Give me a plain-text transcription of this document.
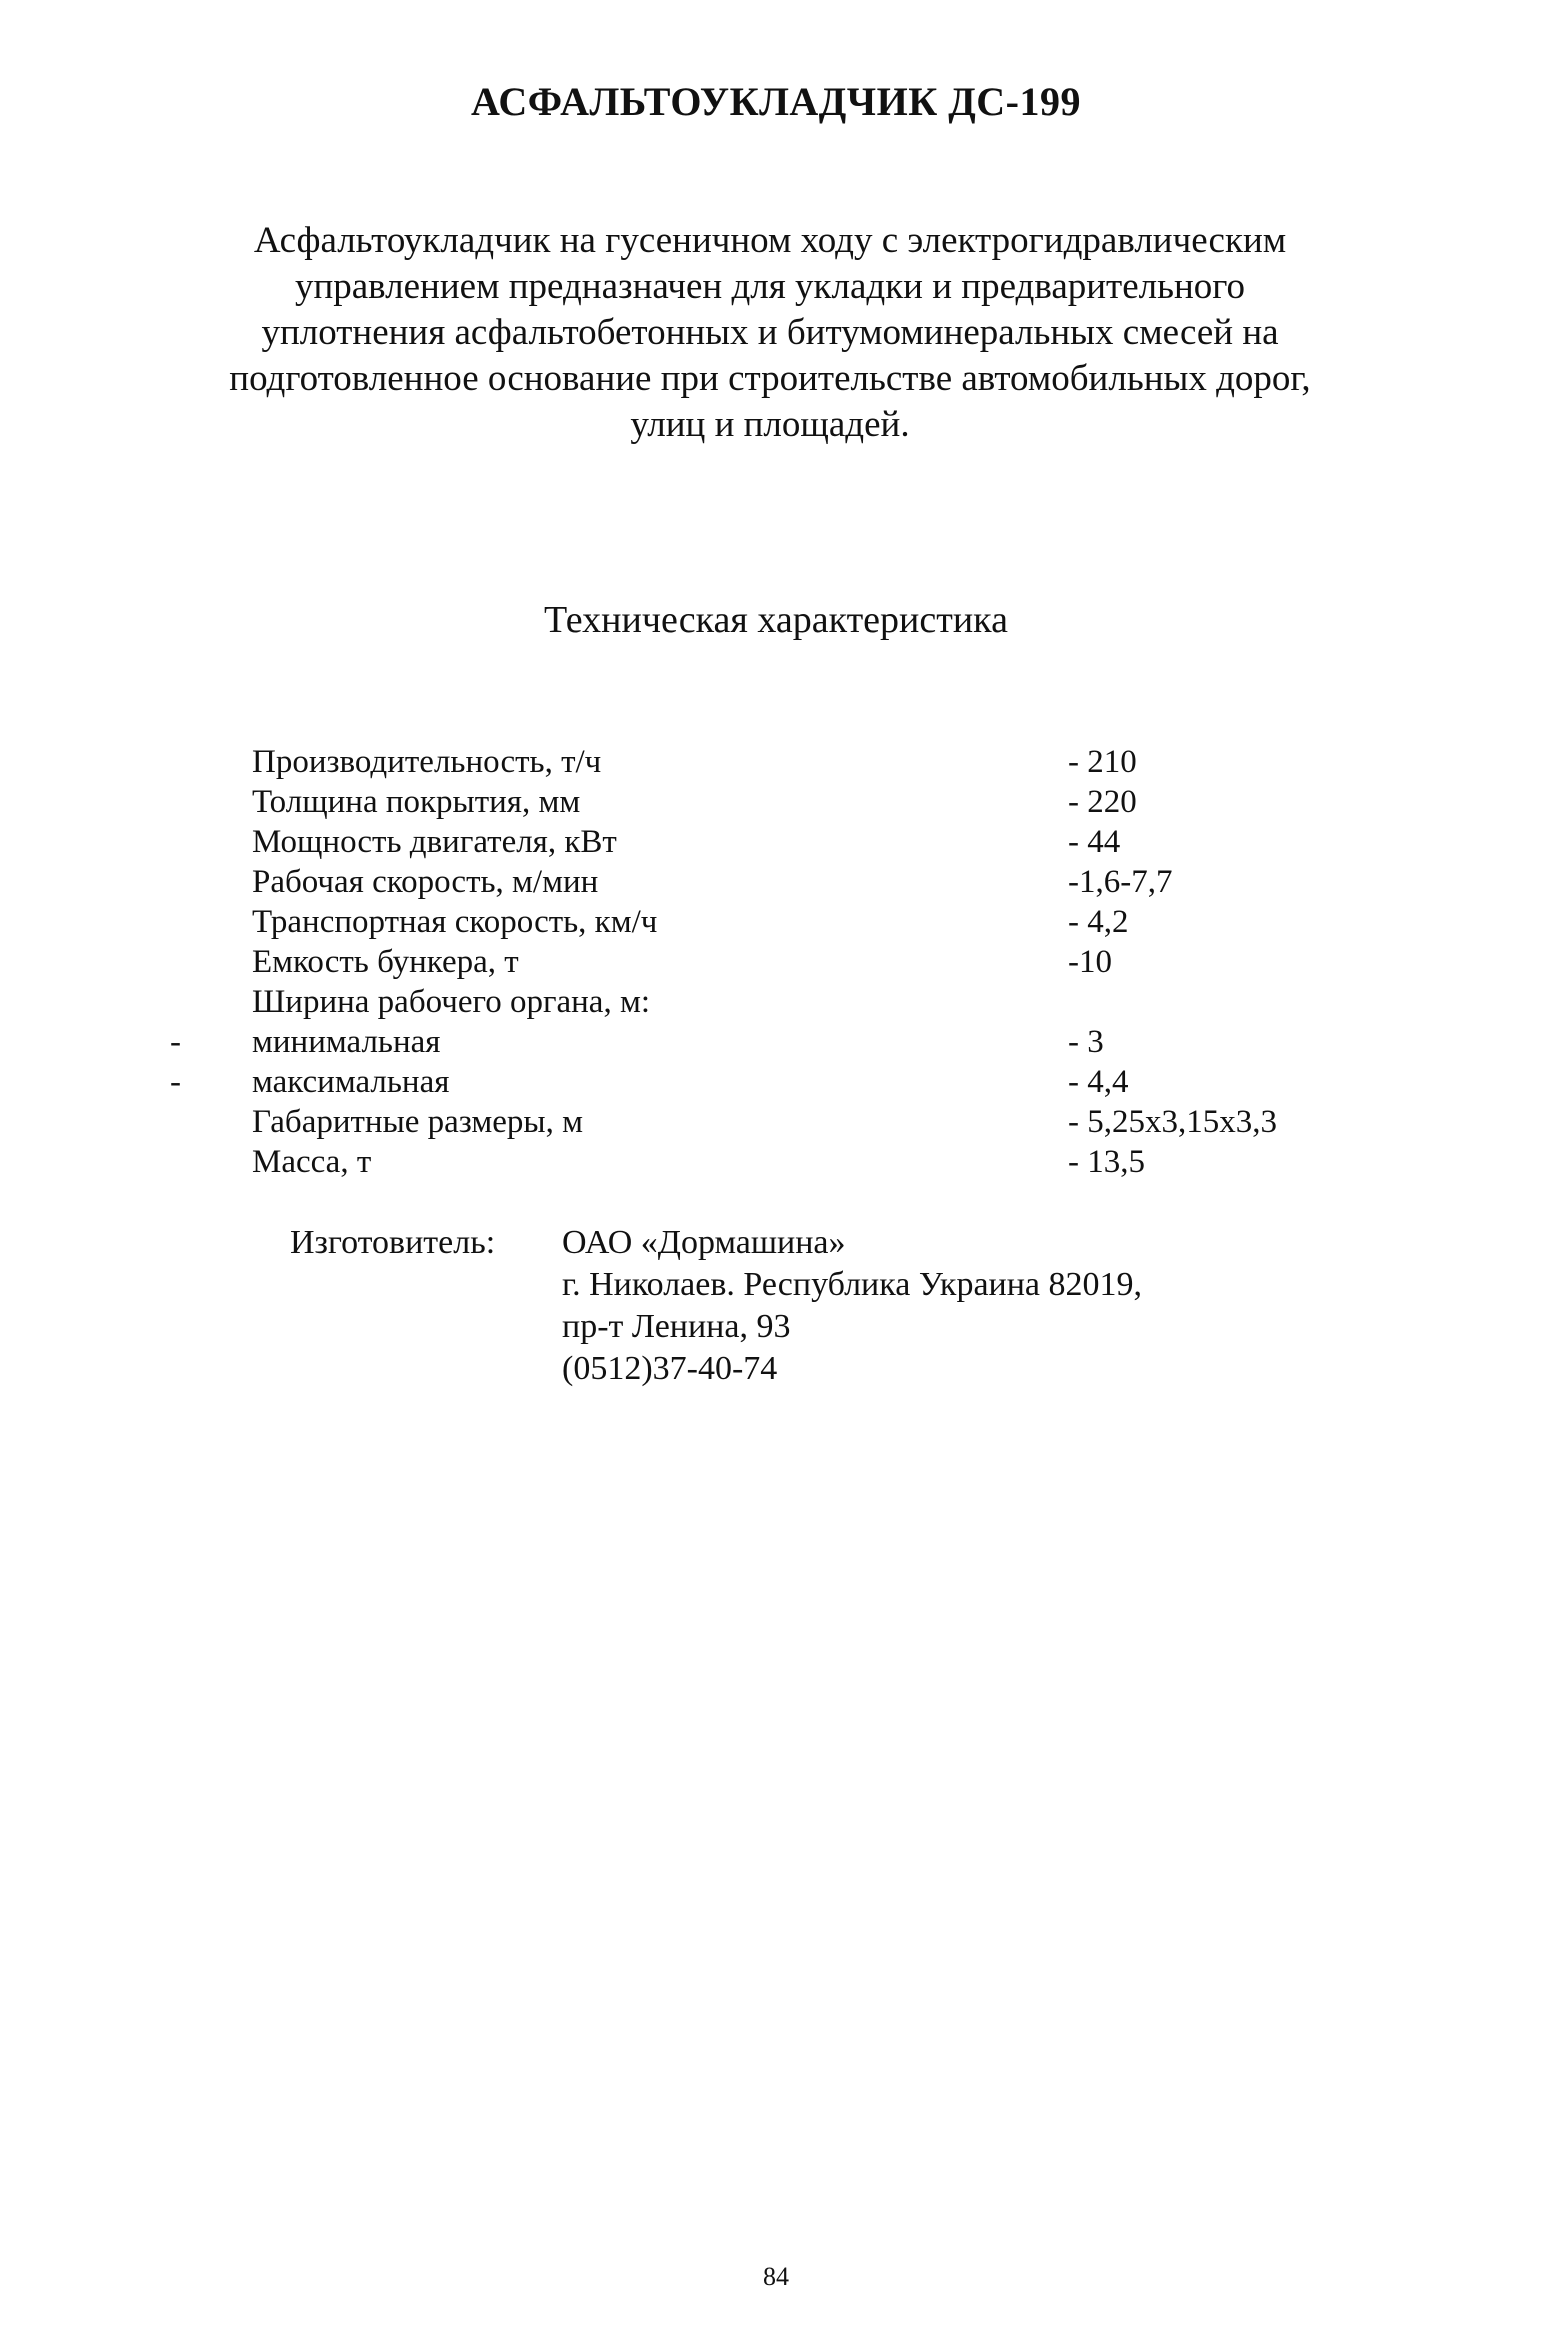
АСФАЛЬТОУКЛАДЧИК ДС-199
Асфальтоукладчик на гусеничном ходу с электрогидравлическим
управлением предназначен для укладки и предварительного
уплотнения асфальтобетонных и битумоминеральных смесей на
подготовленное основание при строительстве автомобильных дорог,
улиц и площадей.
Техническая характеристика
Производительность, т/ч	- 210
Толщина покрытия, мм	- 220
Мощность двигателя, кВт	- 44
Рабочая скорость, м/мин	-1,6-7,7
Транспортная скорость, км/ч	- 4,2
Емкость бункера, т	-10
Ширина рабочего органа, м:
- минимальная	- 3
- максимальная	- 4,4
Габаритные размеры, м	- 5,25x3,15x3,3
Масса, т	- 13,5
Изготовитель: ОАО «Дормашина»
г. Николаев. Республика Украина 82019,
пр-т Ленина, 93
(0512)37-40-74
84
